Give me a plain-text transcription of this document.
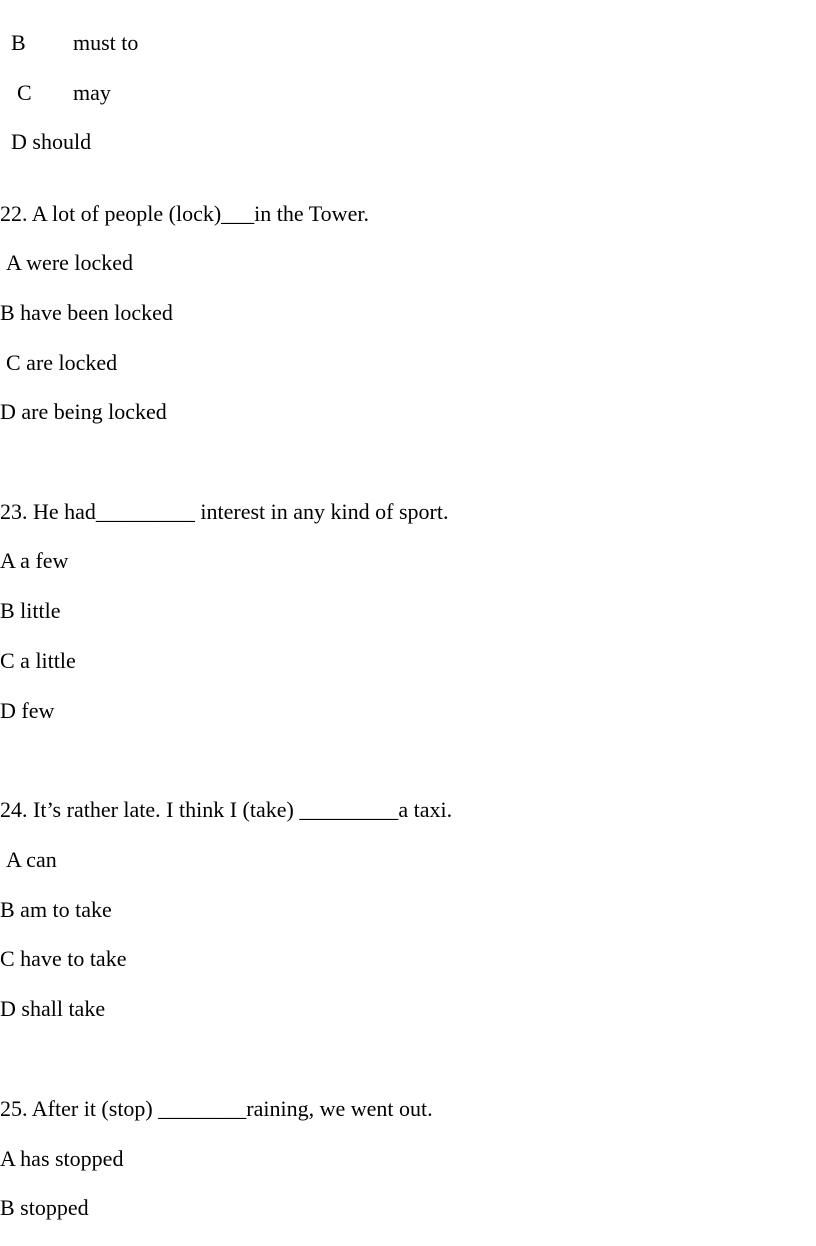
B must to

C may

D should

22. A lot of people (lock)___in the Tower.
A were locked
B have been locked
C are locked
D are being locked
23. He had_________ interest in any kind of sport.
A a few
B little
C a little
D few
24. It’s rather late. I think I (take) _________a taxi.
A can
B am to take
C have to take
D shall take
25. After it (stop) ________raining, we went out.
A has stopped
B stopped
